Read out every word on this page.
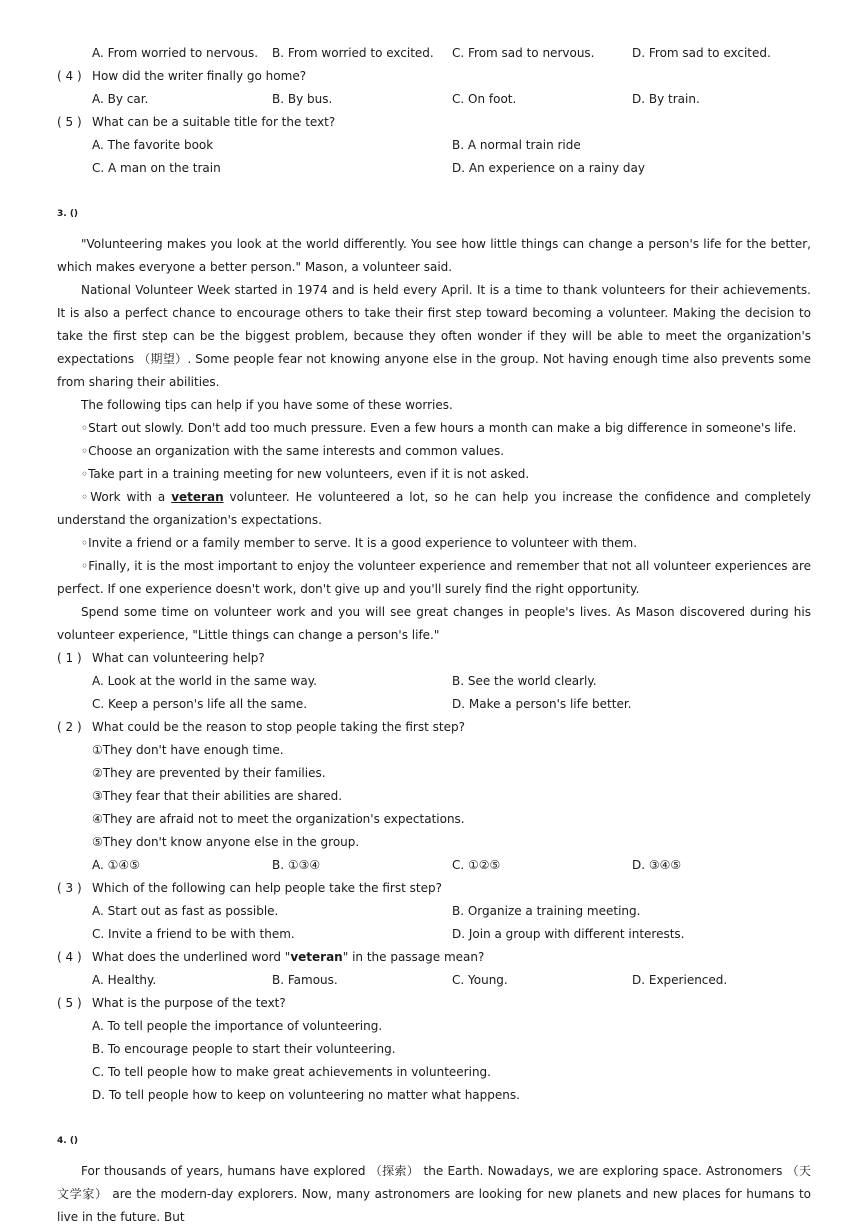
A. From worried to nervous. B. From worried to excited. C. From sad to nervous.	D. From sad to excited.
( 4 ) How did the writer finally go home?
A. By car.	B. By bus.	C. On foot.	D. By train.
( 5 ) What can be a suitable title for the text?
A. The favorite book	B. A normal train ride
C. A man on the train	D. An experience on a rainy day
3. ()

"Volunteering makes you look at the world differently. You see how little things can change a person's life for the better, which makes everyone a better person." Mason, a volunteer said.

National Volunteer Week started in 1974 and is held every April. It is a time to thank volunteers for their achievements. It is also a perfect chance to encourage others to take their first step toward becoming a volunteer. Making the decision to take the first step can be the biggest problem, because they often wonder if they will be able to meet the organization's expectations （期望）. Some people fear not knowing anyone else in the group. Not having enough time also prevents some from sharing their abilities.

The following tips can help if you have some of these worries.

◦Start out slowly. Don't add too much pressure. Even a few hours a month can make a big difference in someone's life.

◦Choose an organization with the same interests and common values.

◦Take part in a training meeting for new volunteers, even if it is not asked.

◦Work with a veteran volunteer. He volunteered a lot, so he can help you increase the confidence and completely understand the organization's expectations.

◦Invite a friend or a family member to serve. It is a good experience to volunteer with them.

◦Finally, it is the most important to enjoy the volunteer experience and remember that not all volunteer experiences are perfect. If one experience doesn't work, don't give up and you'll surely find the right opportunity.

Spend some time on volunteer work and you will see great changes in people's lives. As Mason discovered during his volunteer experience, "Little things can change a person's life."

( 1 ) What can volunteering help?
A. Look at the world in the same way.	B. See the world clearly.
C. Keep a person's life all the same.	D. Make a person's life better.
( 2 ) What could be the reason to stop people taking the first step?
①They don't have enough time.
②They are prevented by their families.
③They fear that their abilities are shared.
④They are afraid not to meet the organization's expectations.
⑤They don't know anyone else in the group.
A. ①④⑤	B. ①③④	C. ①②⑤	D. ③④⑤
( 3 ) Which of the following can help people take the first step?
A. Start out as fast as possible.	B. Organize a training meeting.
C. Invite a friend to be with them.	D. Join a group with different interests.
( 4 ) What does the underlined word "veteran" in the passage mean?
A. Healthy.	B. Famous.	C. Young.	D. Experienced.
( 5 ) What is the purpose of the text?
A. To tell people the importance of volunteering.
B. To encourage people to start their volunteering.
C. To tell people how to make great achievements in volunteering.
D. To tell people how to keep on volunteering no matter what happens.
4. ()

For thousands of years, humans have explored （探索） the Earth. Nowadays, we are exploring space. Astronomers （天文学家） are the modern-day explorers. Now, many astronomers are looking for new planets and new places for humans to live in the future. But
